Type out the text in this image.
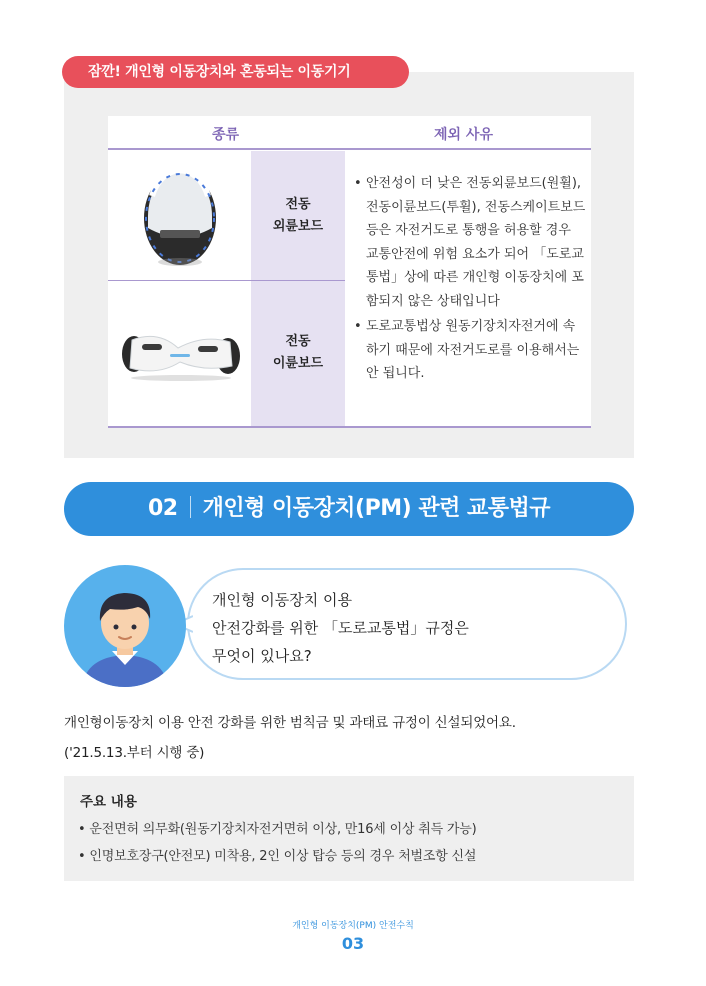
잠깐! 개인형 이동장치와 혼동되는 이동기기
종류	제외 사유
전동
외륜보드
전동
이륜보드

• 안전성이 더 낮은 전동외륜보드(원휠), 전동이륜보드(투휠), 전동스케이트보드 등은 자전거도로 통행을 허용할 경우 교통안전에 위험 요소가 되어 「도로교통법」상에 따른 개인형 이동장치에 포함되지 않은 상태입니다

• 도로교통법상 원동기장치자전거에 속하기 때문에 자전거도로를 이용해서는 안 됩니다.

02 개인형 이동장치(PM) 관련 교통법규
개인형 이동장치 이용
안전강화를 위한 「도로교통법」규정은
무엇이 있나요?
개인형이동장치 이용 안전 강화를 위한 범칙금 및 과태료 규정이 신설되었어요.
('21.5.13.부터 시행 중)
주요 내용
• 운전면허 의무화(원동기장치자전거면허 이상, 만16세 이상 취득 가능)
• 인명보호장구(안전모) 미착용, 2인 이상 탑승 등의 경우 처벌조항 신설
개인형 이동장치(PM) 안전수칙
03
